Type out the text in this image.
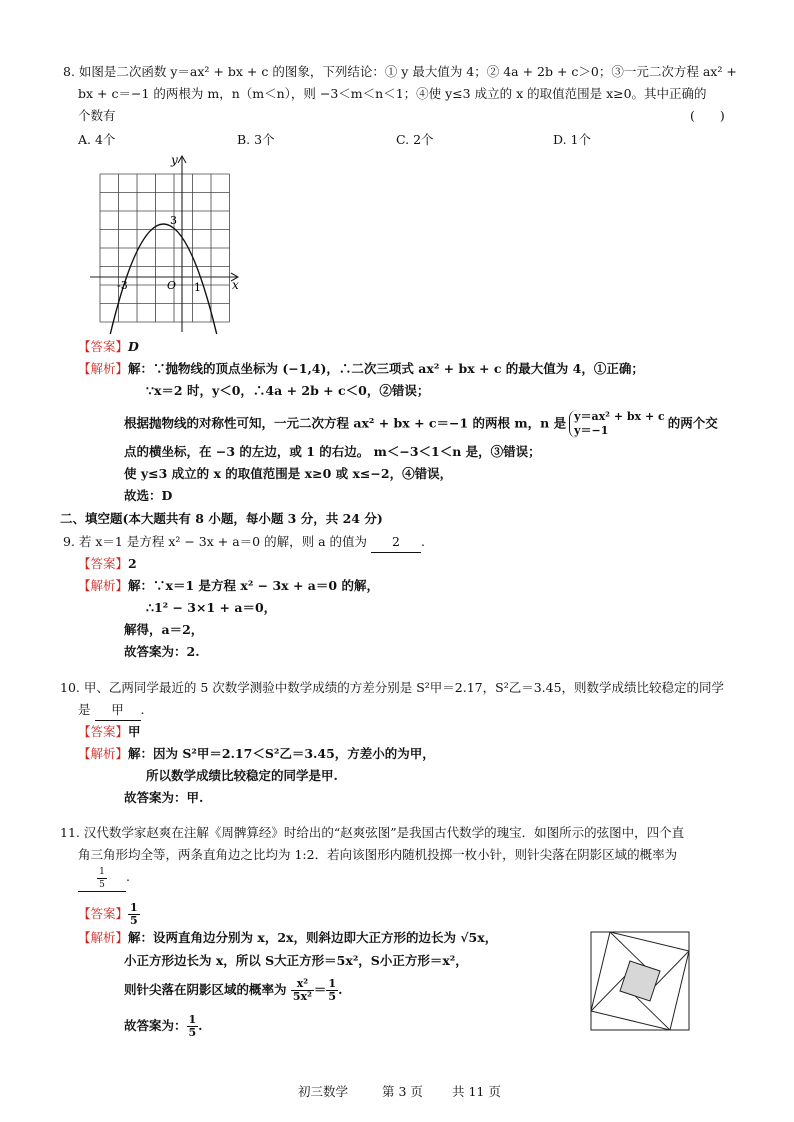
8. 如图是二次函数 y＝ax² + bx + c 的图象，下列结论：① y 最大值为 4；② 4a + 2b + c＞0；③一元二次方程 ax² +
bx + c＝−1 的两根为 m，n（m＜n），则 −3＜m＜n＜1；④使 y≤3 成立的 x 的取值范围是 x≥0。其中正确的
个数有	(　　)
A. 4个	B. 3个	C. 2个	D. 1个
y
x
3
-3	O 1
【答案】D
【解析】解：∵抛物线的顶点坐标为 (−1,4)，∴二次三项式 ax² + bx + c 的最大值为 4，①正确；
∵x＝2 时，y＜0，∴4a + 2b + c＜0，②错误；
根据抛物线的对称性可知，一元二次方程 ax² + bx + c＝−1 的两根 m，n 是 y＝ax² + bx + c
y＝−1	的两个交
点的横坐标，在 −3 的左边，或 1 的右边。 m＜−3＜1＜n 是，③错误；
使 y≤3 成立的 x 的取值范围是 x≥0 或 x≤−2，④错误，
故选：D
二、填空题(本大题共有 8 小题，每小题 3 分，共 24 分)
9. 若 x＝1 是方程 x² − 3x + a＝0 的解，则 a 的值为 2 .
【答案】2
【解析】解：∵x＝1 是方程 x² − 3x + a＝0 的解，
∴1² − 3×1 + a＝0，
解得，a＝2，
故答案为：2.
10. 甲、乙两同学最近的 5 次数学测验中数学成绩的方差分别是 S²甲＝2.17，S²乙＝3.45，则数学成绩比较稳定的同学
是 甲 .
【答案】甲
【解析】解：因为 S²甲＝2.17＜S²乙＝3.45，方差小的为甲，
所以数学成绩比较稳定的同学是甲.
故答案为：甲.
11. 汉代数学家赵爽在注解《周髀算经》时给出的“赵爽弦图”是我国古代数学的瑰宝．如图所示的弦图中，四个直
角三角形均全等，两条直角边之比均为 1:2．若向该图形内随机投掷一枚小针，则针尖落在阴影区域的概率为
$\frac{1}{5}$ .
【答案】 $\frac{1}{5}$
【解析】解：设两直角边分别为 x，2x，则斜边即大正方形的边长为 √5x，
小正方形边长为 x，所以 S大正方形＝5x²，S小正方形＝x²，
则针尖落在阴影区域的概率为 $\frac{\text{x²}}{\text{5x²}} = \frac{1}{5}$ .
故答案为： $\frac{1}{5}$ .
初三数学	第 3 页 共 11 页
